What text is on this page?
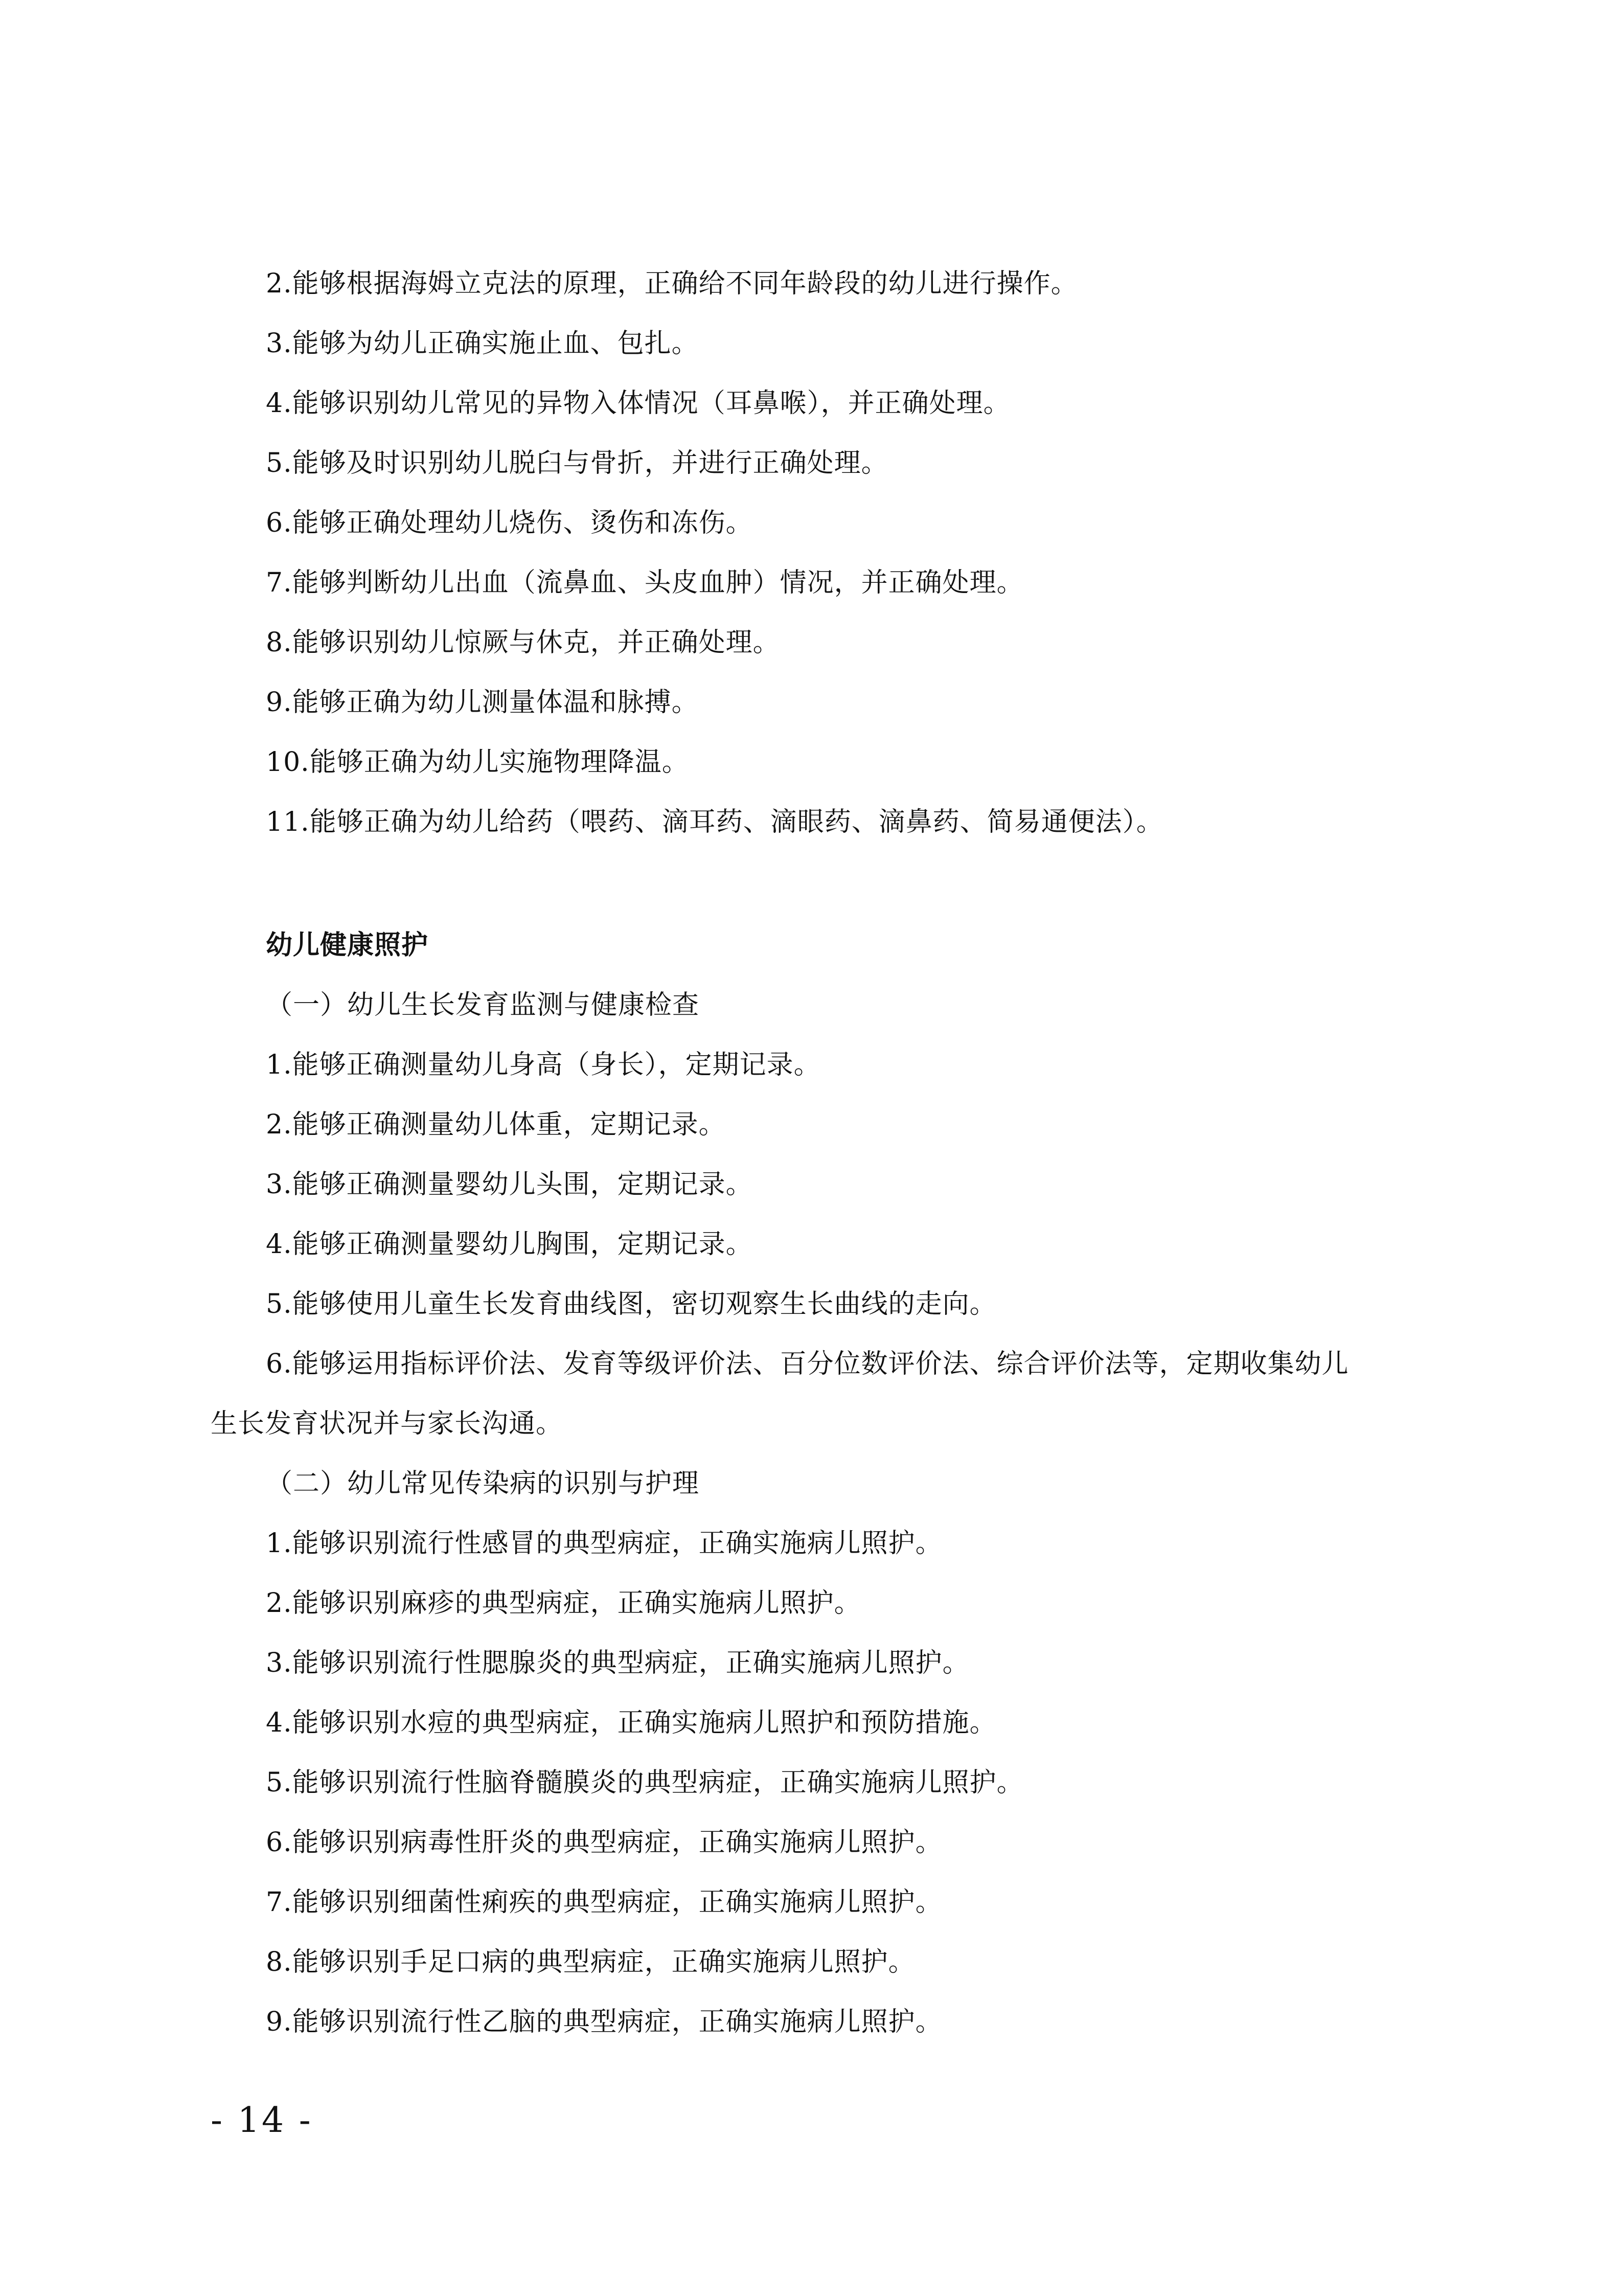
2.能够根据海姆立克法的原理，正确给不同年龄段的幼儿进行操作。
3.能够为幼儿正确实施止血、包扎。
4.能够识别幼儿常见的异物入体情况（耳鼻喉），并正确处理。
5.能够及时识别幼儿脱臼与骨折，并进行正确处理。
6.能够正确处理幼儿烧伤、烫伤和冻伤。
7.能够判断幼儿出血（流鼻血、头皮血肿）情况，并正确处理。
8.能够识别幼儿惊厥与休克，并正确处理。
9.能够正确为幼儿测量体温和脉搏。
10.能够正确为幼儿实施物理降温。
11.能够正确为幼儿给药（喂药、滴耳药、滴眼药、滴鼻药、简易通便法）。
幼儿健康照护
（一）幼儿生长发育监测与健康检查
1.能够正确测量幼儿身高（身长），定期记录。
2.能够正确测量幼儿体重，定期记录。
3.能够正确测量婴幼儿头围，定期记录。
4.能够正确测量婴幼儿胸围，定期记录。
5.能够使用儿童生长发育曲线图，密切观察生长曲线的走向。
6.能够运用指标评价法、发育等级评价法、百分位数评价法、综合评价法等，定期收集幼儿
生长发育状况并与家长沟通。
（二）幼儿常见传染病的识别与护理
1.能够识别流行性感冒的典型病症，正确实施病儿照护。
2.能够识别麻疹的典型病症，正确实施病儿照护。
3.能够识别流行性腮腺炎的典型病症，正确实施病儿照护。
4.能够识别水痘的典型病症，正确实施病儿照护和预防措施。
5.能够识别流行性脑脊髓膜炎的典型病症，正确实施病儿照护。
6.能够识别病毒性肝炎的典型病症，正确实施病儿照护。
7.能够识别细菌性痢疾的典型病症，正确实施病儿照护。
8.能够识别手足口病的典型病症，正确实施病儿照护。
9.能够识别流行性乙脑的典型病症，正确实施病儿照护。
- 14 -
